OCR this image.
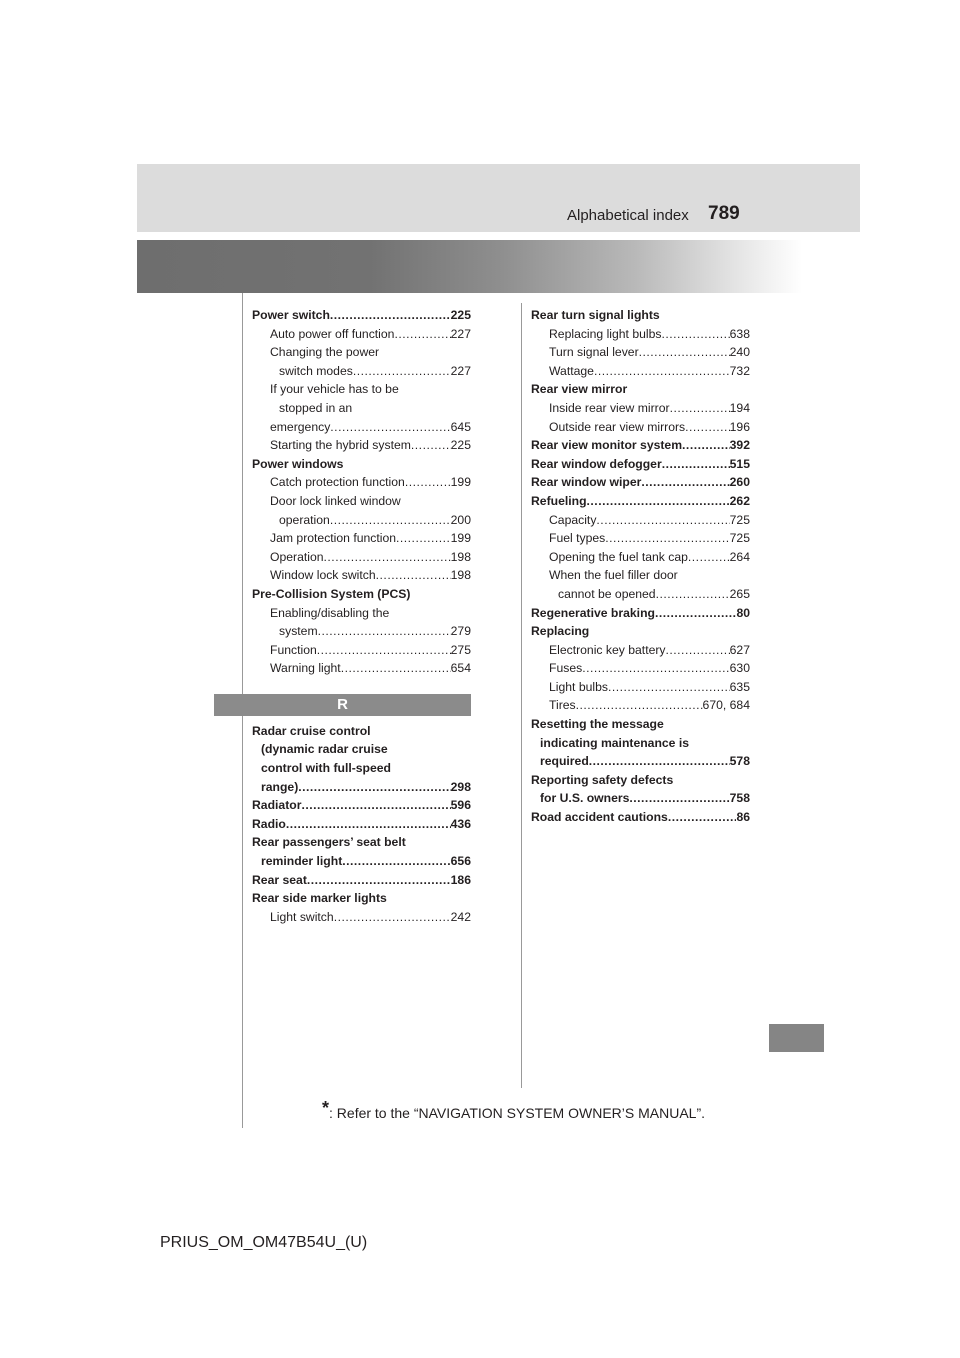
Alphabetical index 789
Power switch .....	225
Auto power off function .....	227
Changing the power
switch modes .....	227
If your vehicle has to be
stopped in an
emergency .....	645
Starting the hybrid system .....	225
Power windows
Catch protection function .....	199
Door lock linked window
operation .....	200
Jam protection function .....	199
Operation .....	198
Window lock switch .....	198
Pre-Collision System (PCS)
Enabling/disabling the
system .....	279
Function .....	275
Warning light .....	654
R
Radar cruise control
(dynamic radar cruise
control with full-speed
range) .....	298
Radiator .....	596
Radio .....	436
Rear passengers’ seat belt
reminder light .....	656
Rear seat .....	186
Rear side marker lights
Light switch .....	242
Rear turn signal lights
Replacing light bulbs .....	638
Turn signal lever .....	240
Wattage .....	732
Rear view mirror
Inside rear view mirror .....	194
Outside rear view mirrors .....	196
Rear view monitor system .....	392
Rear window defogger .....	515
Rear window wiper .....	260
Refueling .....	262
Capacity .....	725
Fuel types .....	725
Opening the fuel tank cap .....	264
When the fuel filler door
cannot be opened .....	265
Regenerative braking .....	80
Replacing
Electronic key battery .....	627
Fuses .....	630
Light bulbs .....	635
Tires .....	670, 684
Resetting the message
indicating maintenance is
required .....	578
Reporting safety defects
for U.S. owners .....	758
Road accident cautions .....	86
*: Refer to the “NAVIGATION SYSTEM OWNER’S MANUAL”.
PRIUS_OM_OM47B54U_(U)
